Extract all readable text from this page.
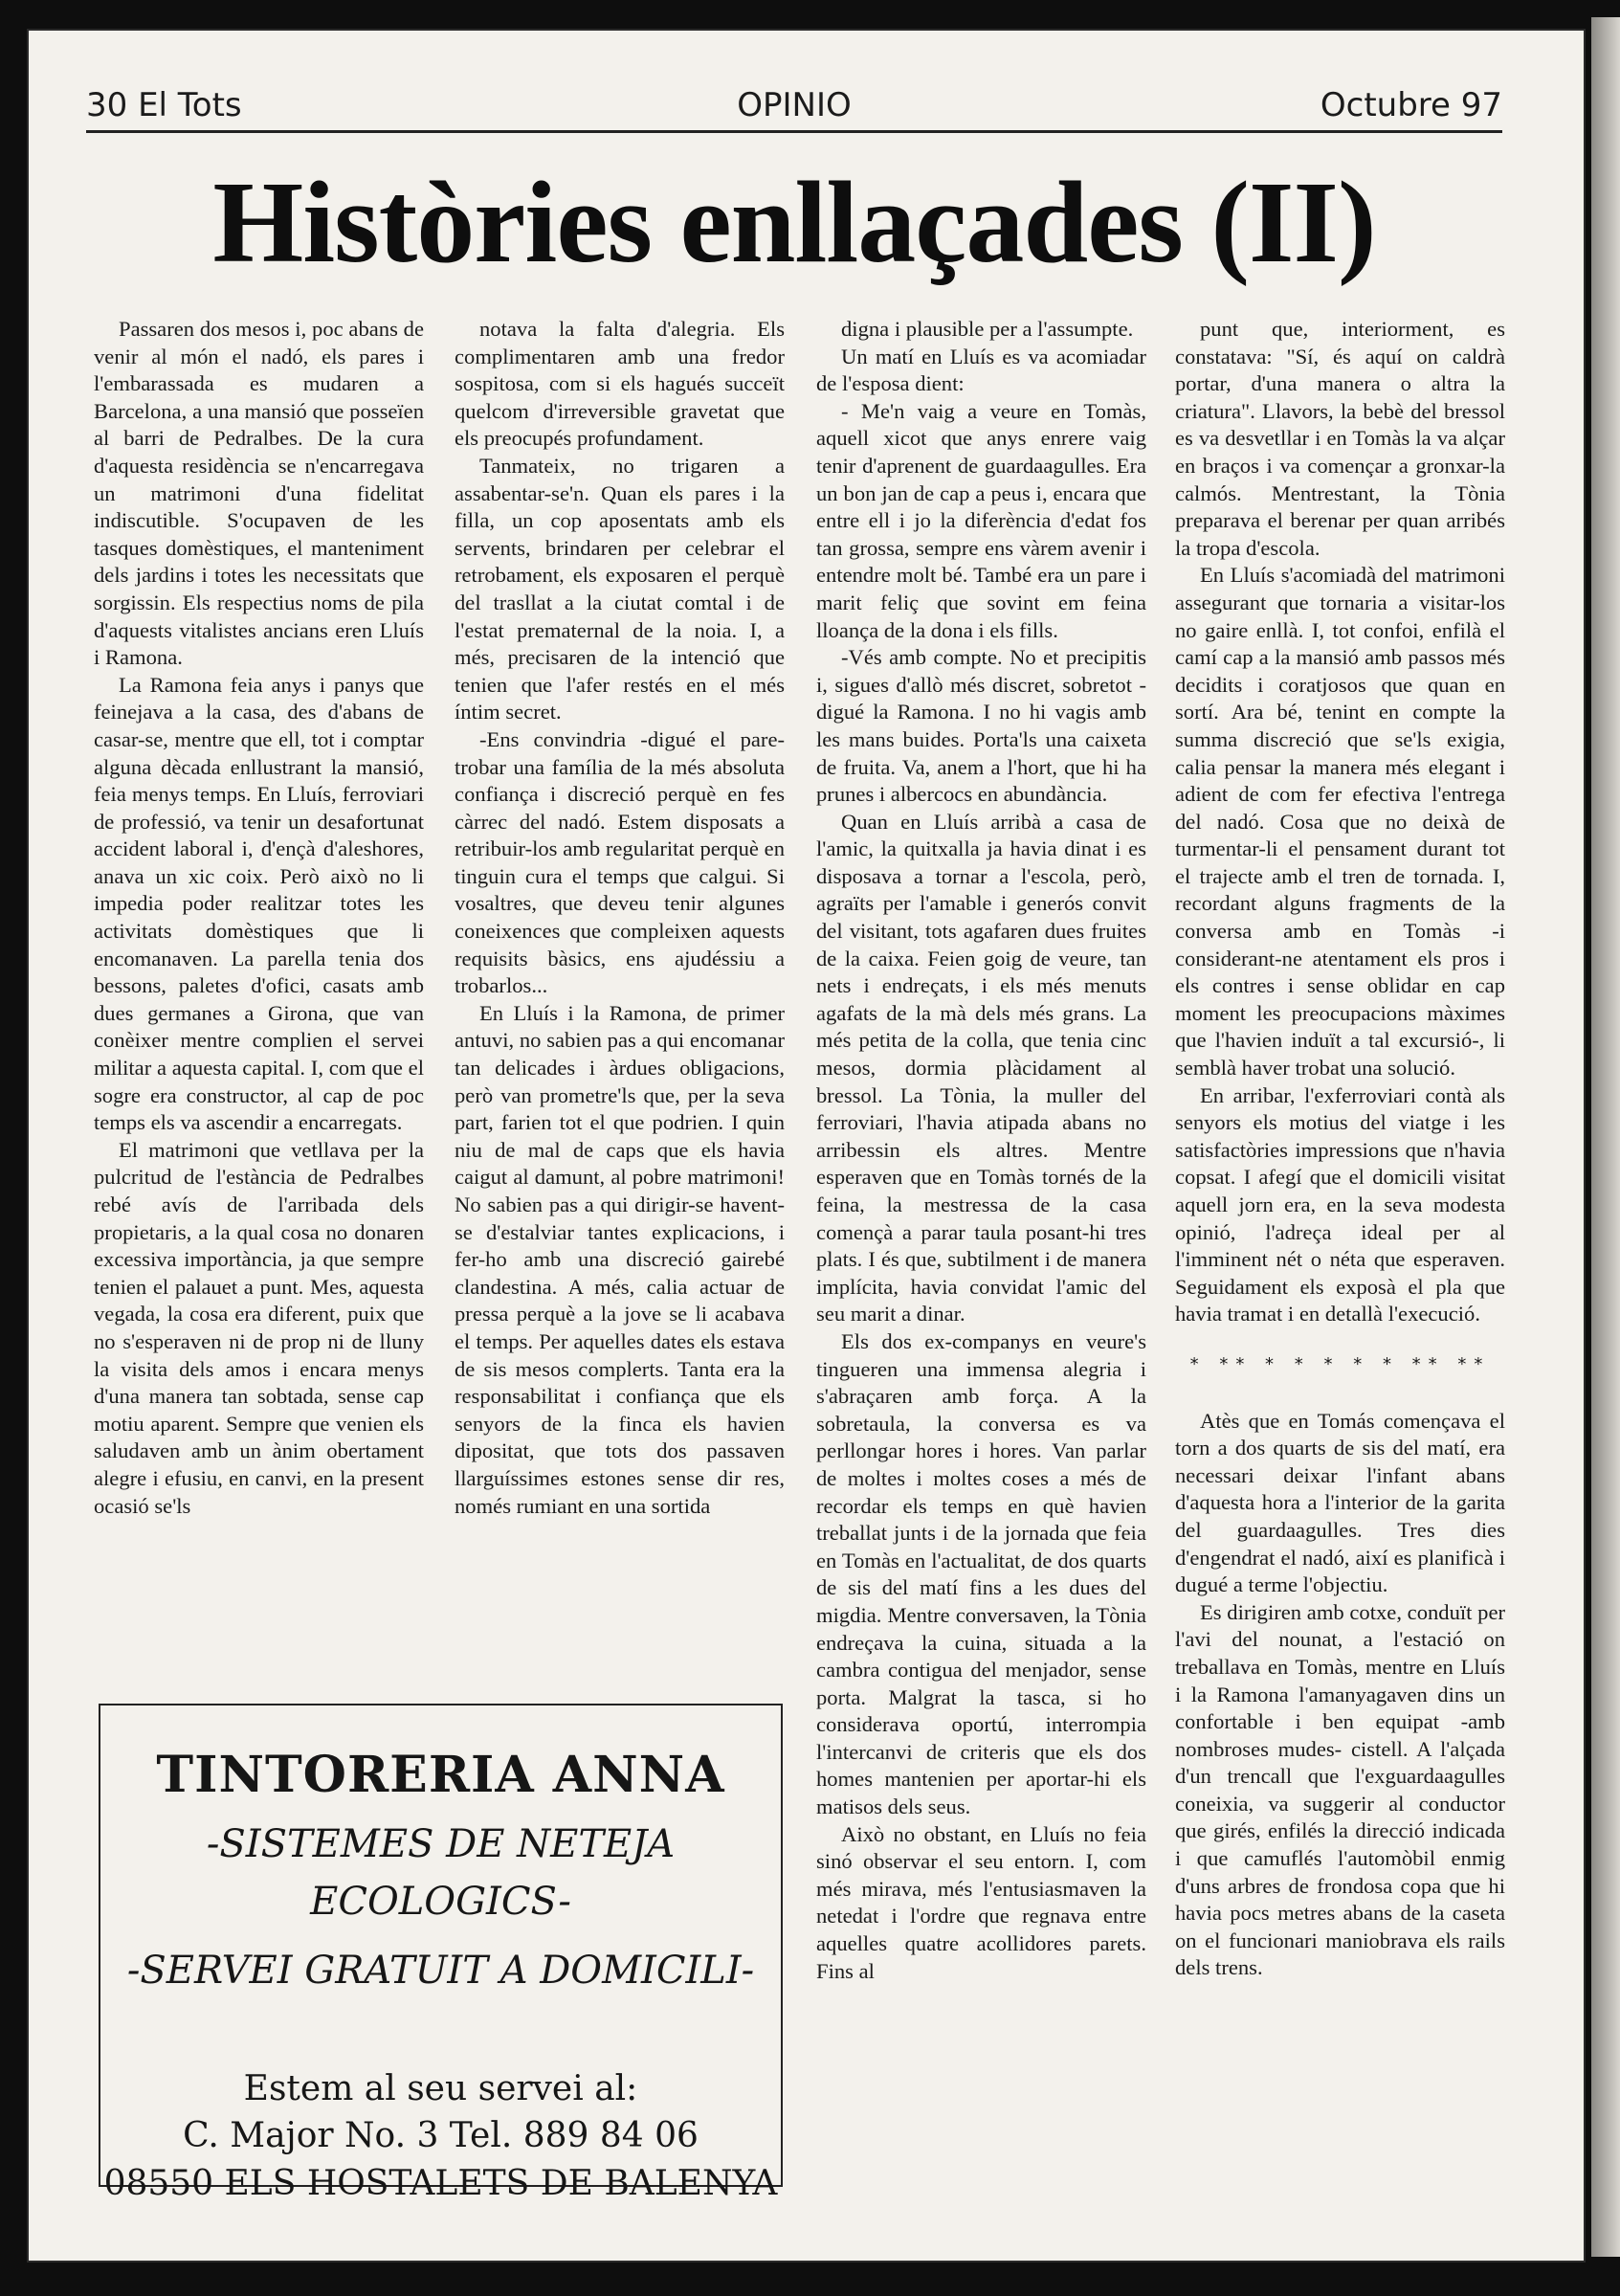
30 El Tots	OPINIO	Octubre 97
Històries enllaçades (II)

Passaren dos mesos i, poc abans de venir al món el nadó, els pares i l'embarassada es mudaren a Barcelona, a una mansió que posseïen al barri de Pedralbes. De la cura d'aquesta residència se n'encarregava un matrimoni d'una fidelitat indiscutible. S'ocupaven de les tasques domèstiques, el manteniment dels jardins i totes les necessitats que sorgissin. Els respectius noms de pila d'aquests vitalistes ancians eren Lluís i Ramona.

La Ramona feia anys i panys que feinejava a la casa, des d'abans de casar-se, mentre que ell, tot i comptar alguna dècada enllustrant la mansió, feia menys temps. En Lluís, ferroviari de professió, va tenir un desafortunat accident laboral i, d'ençà d'aleshores, anava un xic coix. Però això no li impedia poder realitzar totes les activitats domèstiques que li encomanaven. La parella tenia dos bessons, paletes d'ofici, casats amb dues germanes a Girona, que van conèixer mentre complien el servei militar a aquesta capital. I, com que el sogre era constructor, al cap de poc temps els va ascendir a encarregats.

El matrimoni que vetllava per la pulcritud de l'estància de Pedralbes rebé avís de l'arribada dels propietaris, a la qual cosa no donaren excessiva importància, ja que sempre tenien el palauet a punt. Mes, aquesta vegada, la cosa era diferent, puix que no s'esperaven ni de prop ni de lluny la visita dels amos i encara menys d'una manera tan sobtada, sense cap motiu aparent. Sempre que venien els saludaven amb un ànim obertament alegre i efusiu, en canvi, en la present ocasió se'ls

notava la falta d'alegria. Els complimentaren amb una fredor sospitosa, com si els hagués succeït quelcom d'irreversible gravetat que els preocupés profundament.

Tanmateix, no trigaren a assabentar-se'n. Quan els pares i la filla, un cop aposentats amb els servents, brindaren per celebrar el retrobament, els exposaren el perquè del trasllat a la ciutat comtal i de l'estat prematernal de la noia. I, a més, precisaren de la intenció que tenien que l'afer restés en el més íntim secret.

-Ens convindria -digué el pare- trobar una família de la més absoluta confiança i discreció perquè en fes càrrec del nadó. Estem disposats a retribuir-los amb regularitat perquè en tinguin cura el temps que calgui. Si vosaltres, que deveu tenir algunes coneixences que compleixen aquests requisits bàsics, ens ajudéssiu a trobarlos...

En Lluís i la Ramona, de primer antuvi, no sabien pas a qui encomanar tan delicades i àrdues obligacions, però van prometre'ls que, per la seva part, farien tot el que podrien. I quin niu de mal de caps que els havia caigut al damunt, al pobre matrimoni! No sabien pas a qui dirigir-se havent-se d'estalviar tantes explicacions, i fer-ho amb una discreció gairebé clandestina. A més, calia actuar de pressa perquè a la jove se li acabava el temps. Per aquelles dates els estava de sis mesos complerts. Tanta era la responsabilitat i confiança que els senyors de la finca els havien dipositat, que tots dos passaven llarguíssimes estones sense dir res, només rumiant en una sortida

digna i plausible per a l'assumpte.

Un matí en Lluís es va acomiadar de l'esposa dient:

- Me'n vaig a veure en Tomàs, aquell xicot que anys enrere vaig tenir d'aprenent de guardaagulles. Era un bon jan de cap a peus i, encara que entre ell i jo la diferència d'edat fos tan grossa, sempre ens vàrem avenir i entendre molt bé. També era un pare i marit feliç que sovint em feina lloança de la dona i els fills.

-Vés amb compte. No et precipitis i, sigues d'allò més discret, sobretot -digué la Ramona. I no hi vagis amb les mans buides. Porta'ls una caixeta de fruita. Va, anem a l'hort, que hi ha prunes i albercocs en abundància.

Quan en Lluís arribà a casa de l'amic, la quitxalla ja havia dinat i es disposava a tornar a l'escola, però, agraïts per l'amable i generós convit del visitant, tots agafaren dues fruites de la caixa. Feien goig de veure, tan nets i endreçats, i els més menuts agafats de la mà dels més grans. La més petita de la colla, que tenia cinc mesos, dormia plàcidament al bressol. La Tònia, la muller del ferroviari, l'havia atipada abans no arribessin els altres. Mentre esperaven que en Tomàs tornés de la feina, la mestressa de la casa començà a parar taula posant-hi tres plats. I és que, subtilment i de manera implícita, havia convidat l'amic del seu marit a dinar.

Els dos ex-companys en veure's tingueren una immensa alegria i s'abraçaren amb força. A la sobretaula, la conversa es va perllongar hores i hores. Van parlar de moltes i moltes coses a més de recordar els temps en què havien treballat junts i de la jornada que feia en Tomàs en l'actualitat, de dos quarts de sis del matí fins a les dues del migdia. Mentre conversaven, la Tònia endreçava la cuina, situada a la cambra contigua del menjador, sense porta. Malgrat la tasca, si ho considerava oportú, interrompia l'intercanvi de criteris que els dos homes mantenien per aportar-hi els matisos dels seus.

Això no obstant, en Lluís no feia sinó observar el seu entorn. I, com més mirava, més l'entusiasmaven la netedat i l'ordre que regnava entre aquelles quatre acollidores parets. Fins al

punt que, interiorment, es constatava: "Sí, és aquí on caldrà portar, d'una manera o altra la criatura". Llavors, la bebè del bressol es va desvetllar i en Tomàs la va alçar en braços i va començar a gronxar-la calmós. Mentrestant, la Tònia preparava el berenar per quan arribés la tropa d'escola.

En Lluís s'acomiadà del matrimoni assegurant que tornaria a visitar-los no gaire enllà. I, tot confoi, enfilà el camí cap a la mansió amb passos més decidits i coratjosos que quan en sortí. Ara bé, tenint en compte la summa discreció que se'ls exigia, calia pensar la manera més elegant i adient de com fer efectiva l'entrega del nadó. Cosa que no deixà de turmentar-li el pensament durant tot el trajecte amb el tren de tornada. I, recordant alguns fragments de la conversa amb en Tomàs -i considerant-ne atentament els pros i els contres i sense oblidar en cap moment les preocupacions màximes que l'havien induït a tal excursió-, li semblà haver trobat una solució.

En arribar, l'exferroviari contà als senyors els motius del viatge i les satisfactòries impressions que n'havia copsat. I afegí que el domicili visitat aquell jorn era, en la seva modesta opinió, l'adreça ideal per al l'imminent nét o néta que esperaven. Seguidament els exposà el pla que havia tramat i en detallà l'execució.

* ** * * * * * ** **

Atès que en Tomás començava el torn a dos quarts de sis del matí, era necessari deixar l'infant abans d'aquesta hora a l'interior de la garita del guardaagulles. Tres dies d'engendrat el nadó, així es planificà i dugué a terme l'objectiu.

Es dirigiren amb cotxe, conduït per l'avi del nounat, a l'estació on treballava en Tomàs, mentre en Lluís i la Ramona l'amanyagaven dins un confortable i ben equipat -amb nombroses mudes- cistell. A l'alçada d'un trencall que l'exguardaagulles coneixia, va suggerir al conductor que girés, enfilés la direcció indicada i que camuflés l'automòbil enmig d'uns arbres de frondosa copa que hi havia pocs metres abans de la caseta on el funcionari maniobrava els rails dels trens.

TINTORERIA ANNA
-SISTEMES DE NETEJA ECOLOGICS-
-SERVEI GRATUIT A DOMICILI-
Estem al seu servei al:
C. Major No. 3 Tel. 889 84 06
08550 ELS HOSTALETS DE BALENYA
